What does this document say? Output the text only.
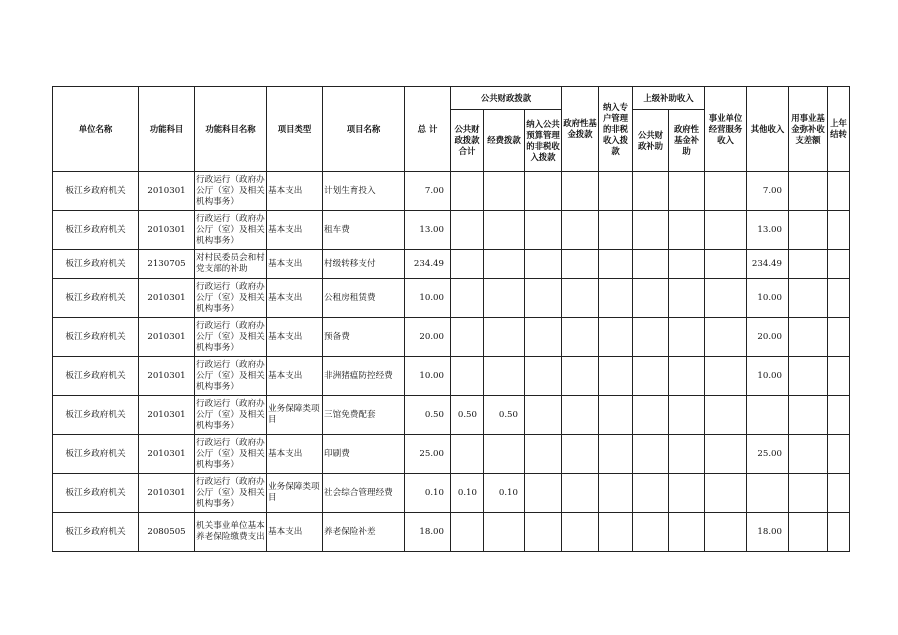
单位名称	功能科目	功能科目名称	项目类型	项目名称	总 计	公共财政拨款			政府性基金拨款	纳入专户管理的非税收入拨款	上级补助收入		事业单位经营服务收入	其他收入	用事业基金弥补收支差额	上年结转
						公共财政拨款合计	经费拨款	纳入公共预算管理的非税收入拨款			公共财政补助	政府性基金补助				
板江乡政府机关	2010301	行政运行（政府办公厅（室）及相关机构事务）	基本支出	计划生育投入	7.00									7.00		
板江乡政府机关	2010301	行政运行（政府办公厅（室）及相关机构事务）	基本支出	租车费	13.00									13.00		
板江乡政府机关	2130705	对村民委员会和村党支部的补助	基本支出	村级转移支付	234.49									234.49		
板江乡政府机关	2010301	行政运行（政府办公厅（室）及相关机构事务）	基本支出	公租房租赁费	10.00									10.00		
板江乡政府机关	2010301	行政运行（政府办公厅（室）及相关机构事务）	基本支出	预备费	20.00									20.00		
板江乡政府机关	2010301	行政运行（政府办公厅（室）及相关机构事务）	基本支出	非洲猪瘟防控经费	10.00									10.00		
板江乡政府机关	2010301	行政运行（政府办公厅（室）及相关机构事务）	业务保障类项目	三馆免费配套	0.50	0.50	0.50									
板江乡政府机关	2010301	行政运行（政府办公厅（室）及相关机构事务）	基本支出	印刷费	25.00									25.00		
板江乡政府机关	2010301	行政运行（政府办公厅（室）及相关机构事务）	业务保障类项目	社会综合管理经费	0.10	0.10	0.10									
板江乡政府机关	2080505	机关事业单位基本养老保险缴费支出	基本支出	养老保险补差	18.00									18.00		
